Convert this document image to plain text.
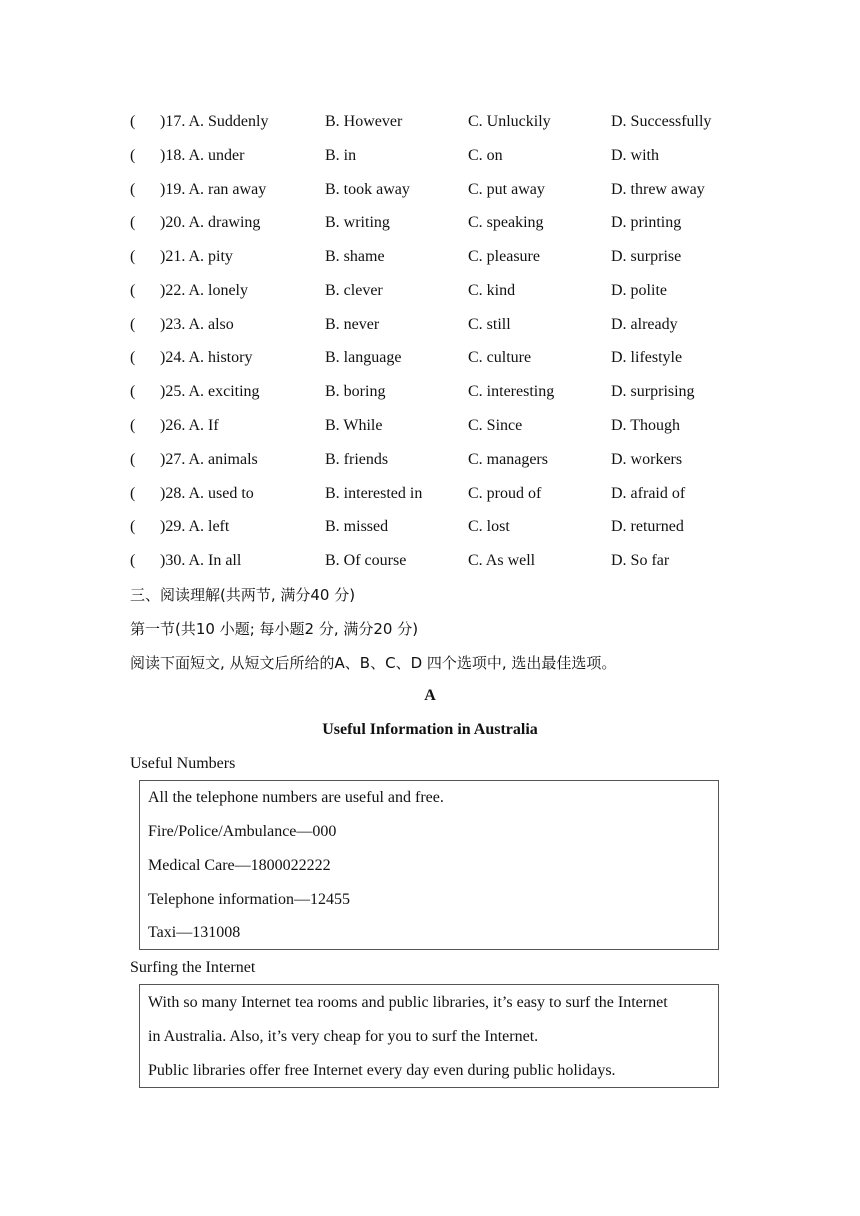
(	)17. A. Suddenly	B. However	C. Unluckily	D. Successfully
(	)18. A. under	B. in	C. on	D. with
(	)19. A. ran away	B. took away	C. put away	D. threw away
(	)20. A. drawing	B. writing	C. speaking	D. printing
(	)21. A. pity	B. shame	C. pleasure	D. surprise
(	)22. A. lonely	B. clever	C. kind	D. polite
(	)23. A. also	B. never	C. still	D. already
(	)24. A. history	B. language	C. culture	D. lifestyle
(	)25. A. exciting	B. boring	C. interesting	D. surprising
(	)26. A. If	B. While	C. Since	D. Though
(	)27. A. animals	B. friends	C. managers	D. workers
(	)28. A. used to	B. interested in	C. proud of	D. afraid of
(	)29. A. left	B. missed	C. lost	D. returned
(	)30. A. In all	B. Of course	C. As well	D. So far
三、阅读理解(共两节, 满分40 分)
第一节(共10 小题; 每小题2 分, 满分20 分)
阅读下面短文, 从短文后所给的A、B、C、D 四个选项中, 选出最佳选项。
A
Useful Information in Australia
Useful Numbers
All the telephone numbers are useful and free.
Fire/Police/Ambulance—000
Medical Care—1800022222
Telephone information—12455
Taxi—131008
Surfing the Internet
With so many Internet tea rooms and public libraries, it’s easy to surf the Internet
in Australia. Also, it’s very cheap for you to surf the Internet.
Public libraries offer free Internet every day even during public holidays.
